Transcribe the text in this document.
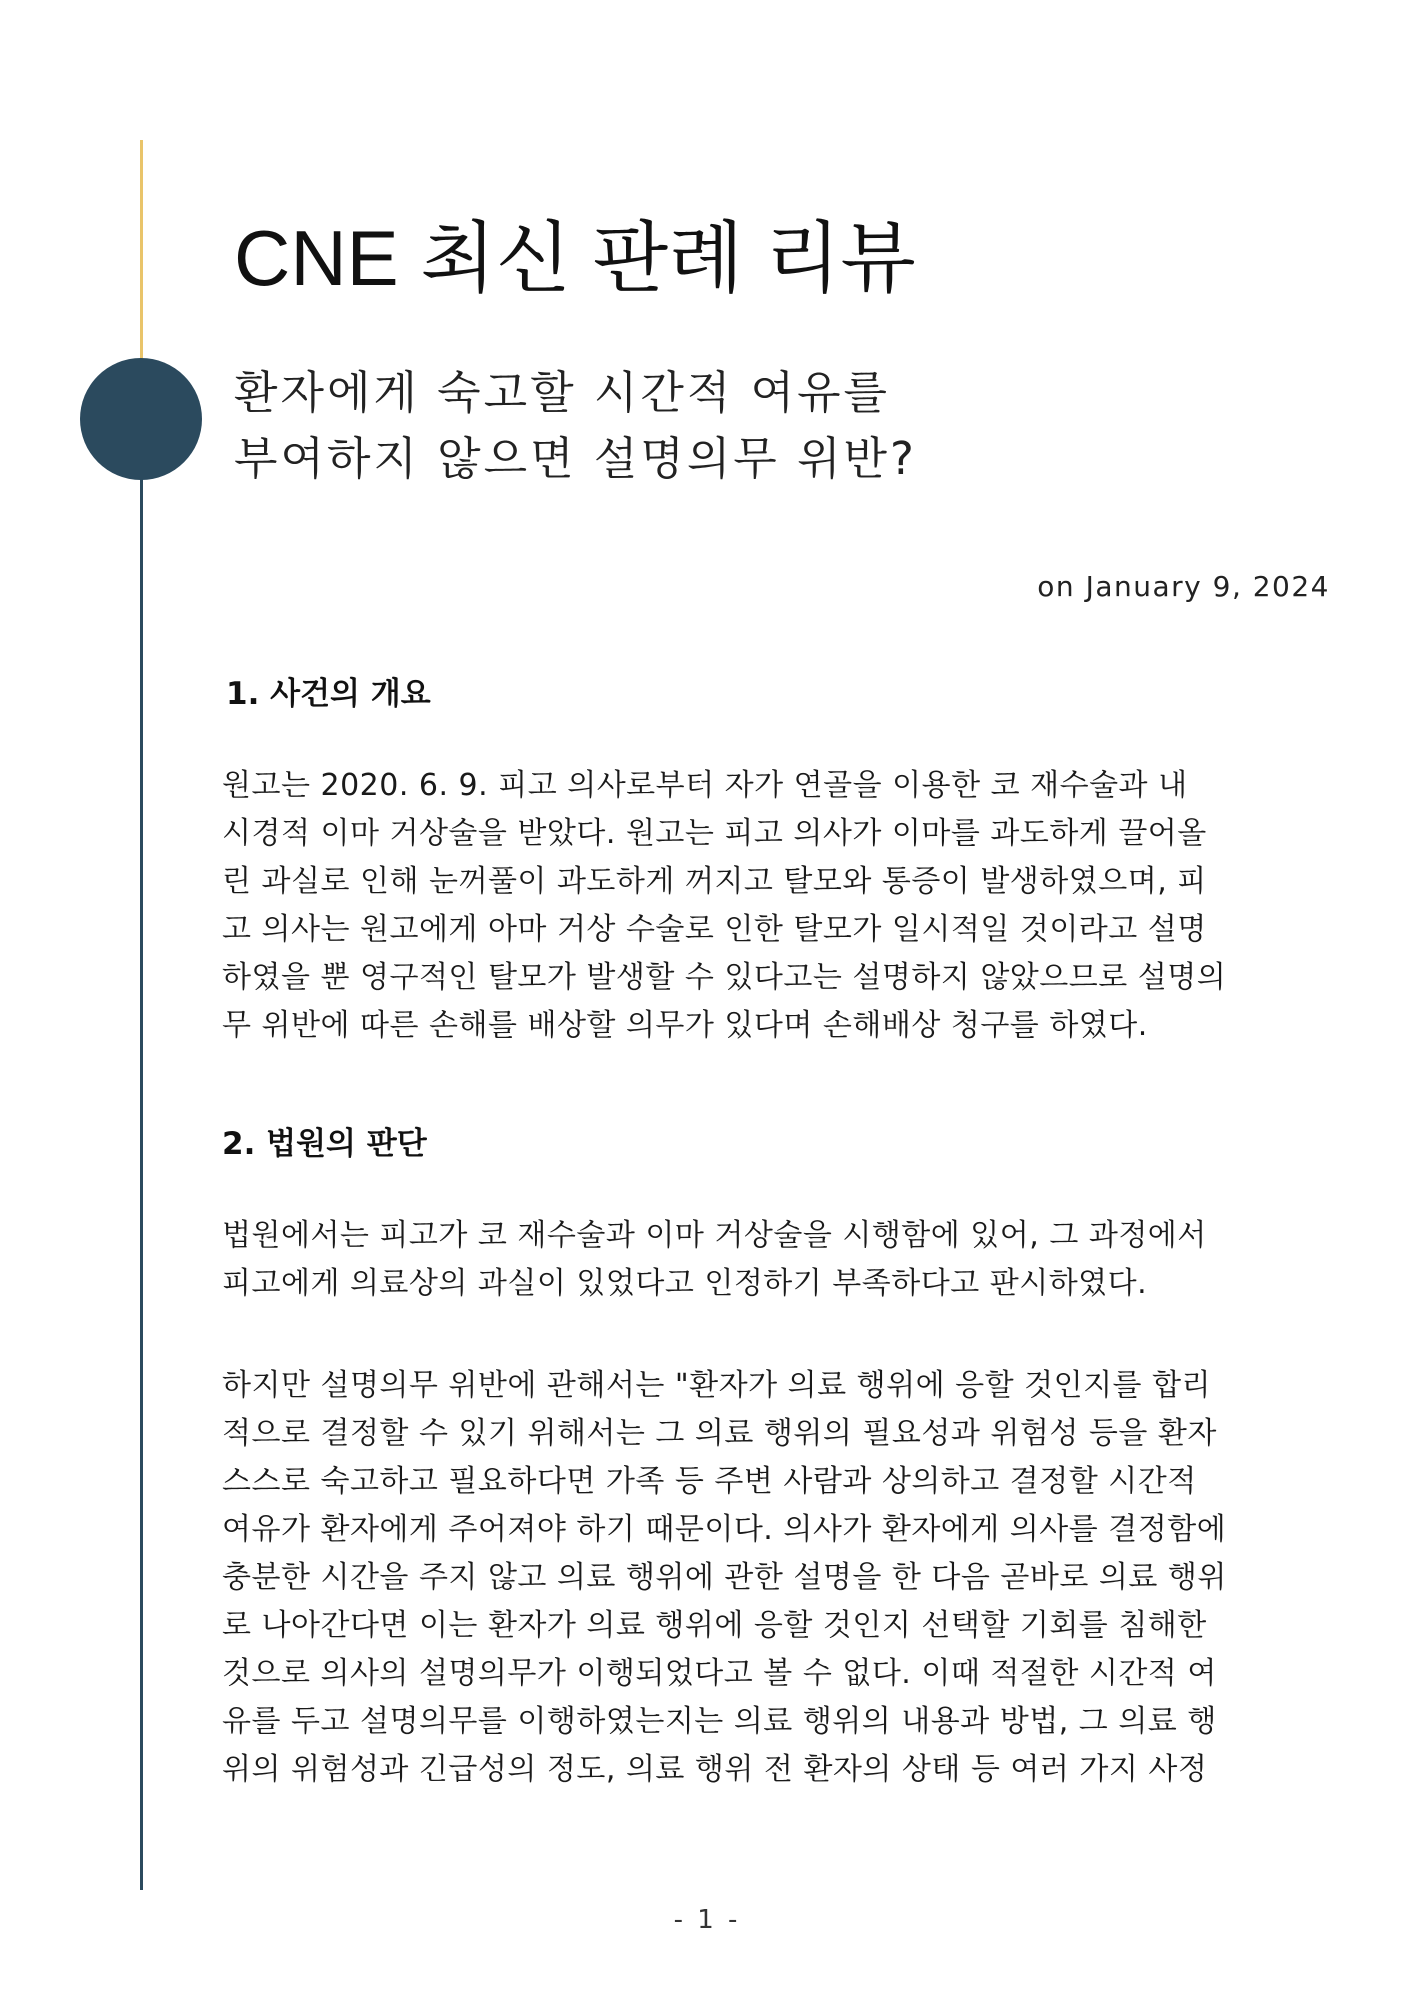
CNE 최신 판례 리뷰
환자에게 숙고할 시간적 여유를
부여하지 않으면 설명의무 위반?
on January 9, 2024
1. 사건의 개요
원고는 2020. 6. 9. 피고 의사로부터 자가 연골을 이용한 코 재수술과 내
시경적 이마 거상술을 받았다. 원고는 피고 의사가 이마를 과도하게 끌어올
린 과실로 인해 눈꺼풀이 과도하게 꺼지고 탈모와 통증이 발생하였으며, 피
고 의사는 원고에게 아마 거상 수술로 인한 탈모가 일시적일 것이라고 설명
하였을 뿐 영구적인 탈모가 발생할 수 있다고는 설명하지 않았으므로 설명의
무 위반에 따른 손해를 배상할 의무가 있다며 손해배상 청구를 하였다.
2. 법원의 판단
법원에서는 피고가 코 재수술과 이마 거상술을 시행함에 있어, 그 과정에서
피고에게 의료상의 과실이 있었다고 인정하기 부족하다고 판시하였다.
하지만 설명의무 위반에 관해서는 "환자가 의료 행위에 응할 것인지를 합리
적으로 결정할 수 있기 위해서는 그 의료 행위의 필요성과 위험성 등을 환자
스스로 숙고하고 필요하다면 가족 등 주변 사람과 상의하고 결정할 시간적
여유가 환자에게 주어져야 하기 때문이다. 의사가 환자에게 의사를 결정함에
충분한 시간을 주지 않고 의료 행위에 관한 설명을 한 다음 곧바로 의료 행위
로 나아간다면 이는 환자가 의료 행위에 응할 것인지 선택할 기회를 침해한
것으로 의사의 설명의무가 이행되었다고 볼 수 없다. 이때 적절한 시간적 여
유를 두고 설명의무를 이행하였는지는 의료 행위의 내용과 방법, 그 의료 행
위의 위험성과 긴급성의 정도, 의료 행위 전 환자의 상태 등 여러 가지 사정
- 1 -
